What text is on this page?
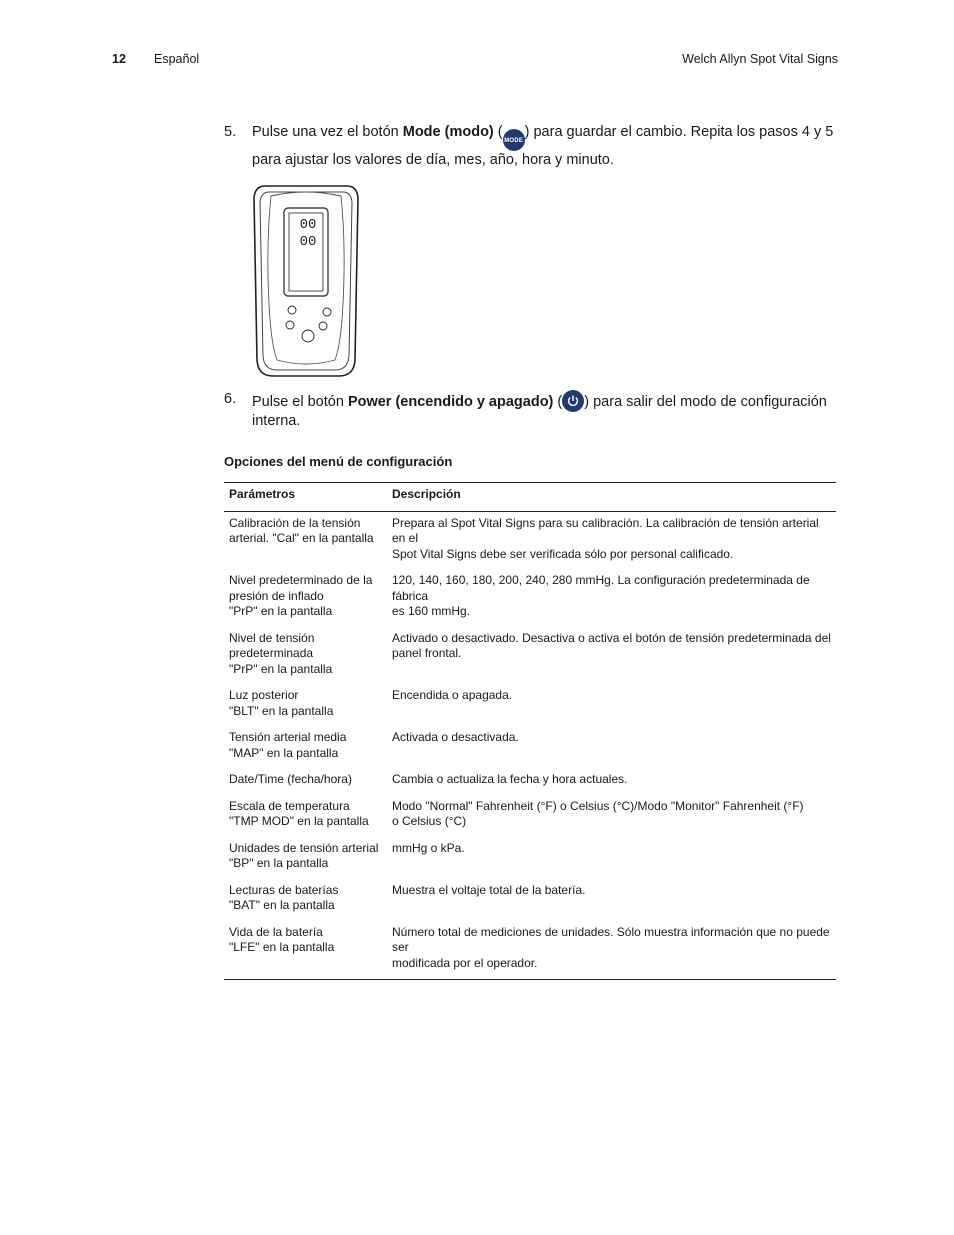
12 Español	Welch Allyn Spot Vital Signs
5. Pulse una vez el botón Mode (modo) (MODE) para guardar el cambio. Repita los pasos 4 y 5 para ajustar los valores de día, mes, año, hora y minuto.
00
00
6. Pulse el botón Power (encendido y apagado) ( ) para salir del modo de configuración interna.
Opciones del menú de configuración
Parámetros	Descripción

Calibración de la tensión
arterial. "Cal" en la pantalla	Prepara al Spot Vital Signs para su calibración. La calibración de tensión arterial en el
Spot Vital Signs debe ser verificada sólo por personal calificado.

Nivel predeterminado de la
presión de inflado
"PrP" en la pantalla	120, 140, 160, 180, 200, 240, 280 mmHg. La configuración predeterminada de fábrica
es 160 mmHg.

Nivel de tensión
predeterminada
"PrP" en la pantalla	Activado o desactivado. Desactiva o activa el botón de tensión predeterminada del
panel frontal.

Luz posterior
"BLT" en la pantalla	Encendida o apagada.

Tensión arterial media
"MAP" en la pantalla	Activada o desactivada.

Date/Time (fecha/hora)	Cambia o actualiza la fecha y hora actuales.

Escala de temperatura
"TMP MOD" en la pantalla	Modo "Normal" Fahrenheit (°F) o Celsius (°C)/Modo "Monitor" Fahrenheit (°F)
o Celsius (°C)

Unidades de tensión arterial
"BP" en la pantalla	mmHg o kPa.

Lecturas de baterías
"BAT" en la pantalla	Muestra el voltaje total de la batería.

Vida de la batería
"LFE" en la pantalla	Número total de mediciones de unidades. Sólo muestra información que no puede ser
modificada por el operador.
